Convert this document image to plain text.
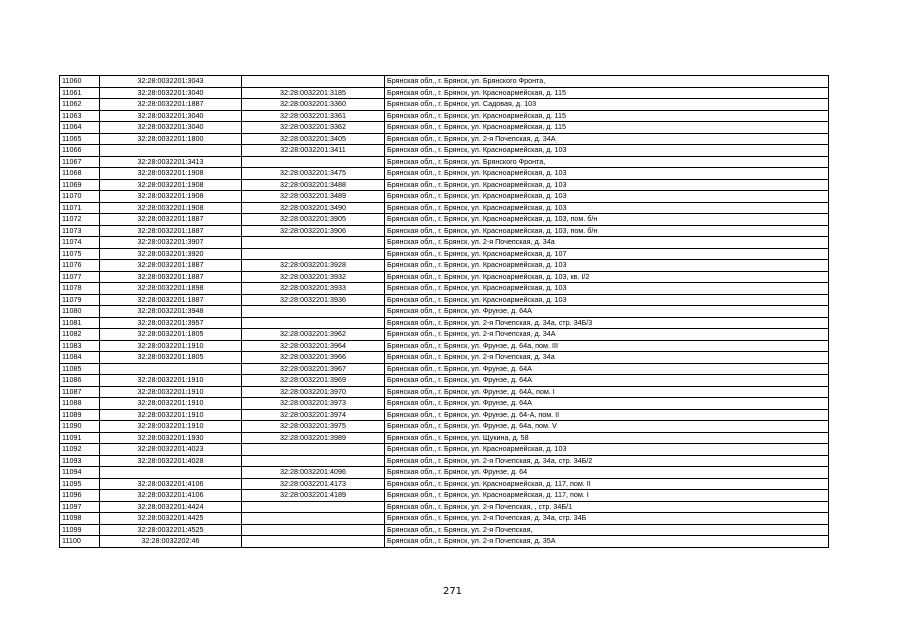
11060	32:28:0032201:3043		Брянская обл., г. Брянск, ул. Брянского Фронта,
11061	32:28:0032201:3040	32:28:0032201:3185	Брянская обл., г. Брянск, ул. Красноармейская, д. 115
11062	32:28:0032201:1887	32:28:0032201:3360	Брянская обл., г. Брянск, ул. Садовая, д. 103
11063	32:28:0032201:3040	32:28:0032201:3361	Брянская обл., г. Брянск, ул. Красноармейская, д. 115
11064	32:28:0032201:3040	32:28:0032201:3362	Брянская обл., г. Брянск, ул. Красноармейская, д. 115
11065	32:28:0032201:1800	32:28:0032201:3405	Брянская обл., г. Брянск, ул. 2-я Почепская, д. 34А
11066		32:28:0032201:3411	Брянская обл., г. Брянск, ул. Красноармейская, д. 103
11067	32:28:0032201:3413		Брянская обл., г. Брянск, ул. Брянского Фронта,
11068	32:28:0032201:1908	32:28:0032201:3475	Брянская обл., г. Брянск, ул. Красноармейская, д. 103
11069	32:28:0032201:1908	32:28:0032201:3488	Брянская обл., г. Брянск, ул. Красноармейская, д. 103
11070	32:28:0032201:1908	32:28:0032201:3489	Брянская обл., г. Брянск, ул. Красноармейская, д. 103
11071	32:28:0032201:1908	32:28:0032201:3490	Брянская обл., г. Брянск, ул. Красноармейская, д. 103
11072	32:28:0032201:1887	32:28:0032201:3905	Брянская обл., г. Брянск, ул. Красноармейская, д. 103, пом. б/н
11073	32:28:0032201:1887	32:28:0032201:3906	Брянская обл., г. Брянск, ул. Красноармейская, д. 103, пом. б/н
11074	32:28:0032201:3907		Брянская обл., г. Брянск, ул. 2-я Почепская, д. 34а
11075	32:28:0032201:3920		Брянская обл., г. Брянск, ул. Красноармейская, д. 107
11076	32:28:0032201:1887	32:28:0032201:3928	Брянская обл., г. Брянск, ул. Красноармейская, д. 103
11077	32:28:0032201:1887	32:28:0032201:3932	Брянская обл., г. Брянск, ул. Красноармейская, д. 103, кв. I/2
11078	32:28:0032201:1898	32:28:0032201:3933	Брянская обл., г. Брянск, ул. Красноармейская, д. 103
11079	32:28:0032201:1887	32:28:0032201:3936	Брянская обл., г. Брянск, ул. Красноармейская, д. 103
11080	32:28:0032201:3948		Брянская обл., г. Брянск, ул. Фрунзе, д. 64А
11081	32:28:0032201:3957		Брянская обл., г. Брянск, ул. 2-я Почепская, д. 34а, стр. 34Б/3
11082	32:28:0032201:1805	32:28:0032201:3962	Брянская обл., г. Брянск, ул. 2-я Почепская, д. 34А
11083	32:28:0032201:1910	32:28:0032201:3964	Брянская обл., г. Брянск, ул. Фрунзе, д. 64а, пом. III
11084	32:28:0032201:1805	32:28:0032201:3966	Брянская обл., г. Брянск, ул. 2-я Почепская, д. 34а
11085		32:28:0032201:3967	Брянская обл., г. Брянск, ул. Фрунзе, д. 64А
11086	32:28:0032201:1910	32:28:0032201:3969	Брянская обл., г. Брянск, ул. Фрунзе, д. 64А
11087	32:28:0032201:1910	32:28:0032201:3970	Брянская обл., г. Брянск, ул. Фрунзе, д. 64А, пом. I
11088	32:28:0032201:1910	32:28:0032201:3973	Брянская обл., г. Брянск, ул. Фрунзе, д. 64А
11089	32:28:0032201:1910	32:28:0032201:3974	Брянская обл., г. Брянск, ул. Фрунзе, д. 64-А, пом. II
11090	32:28:0032201:1910	32:28:0032201:3975	Брянская обл., г. Брянск, ул. Фрунзе, д. 64а, пом. V
11091	32:28:0032201:1930	32:28:0032201:3989	Брянская обл., г. Брянск, ул. Щукина, д. 58
11092	32:28:0032201:4023		Брянская обл., г. Брянск, ул. Красноармейская, д. 103
11093	32:28:0032201:4028		Брянская обл., г. Брянск, ул. 2-я Почепская, д. 34а, стр. 34Б/2
11094		32:28:0032201:4096	Брянская обл., г. Брянск, ул. Фрунзе, д. 64
11095	32:28:0032201:4106	32:28:0032201:4173	Брянская обл., г. Брянск, ул. Красноармейская, д. 117, пом. II
11096	32:28:0032201:4106	32:28:0032201:4189	Брянская обл., г. Брянск, ул. Красноармейская, д. 117, пом. I
11097	32:28:0032201:4424		Брянская обл., г. Брянск, ул. 2-я Почепская, , стр. 34Б/1
11098	32:28:0032201:4425		Брянская обл., г. Брянск, ул. 2-я Почепская, д. 34а, стр. 34Б
11099	32:28:0032201:4525		Брянская обл., г. Брянск, ул. 2-я Почепская,
11100	32:28:0032202:46		Брянская обл., г. Брянск, ул. 2-я Почепская, д. 35А
271
